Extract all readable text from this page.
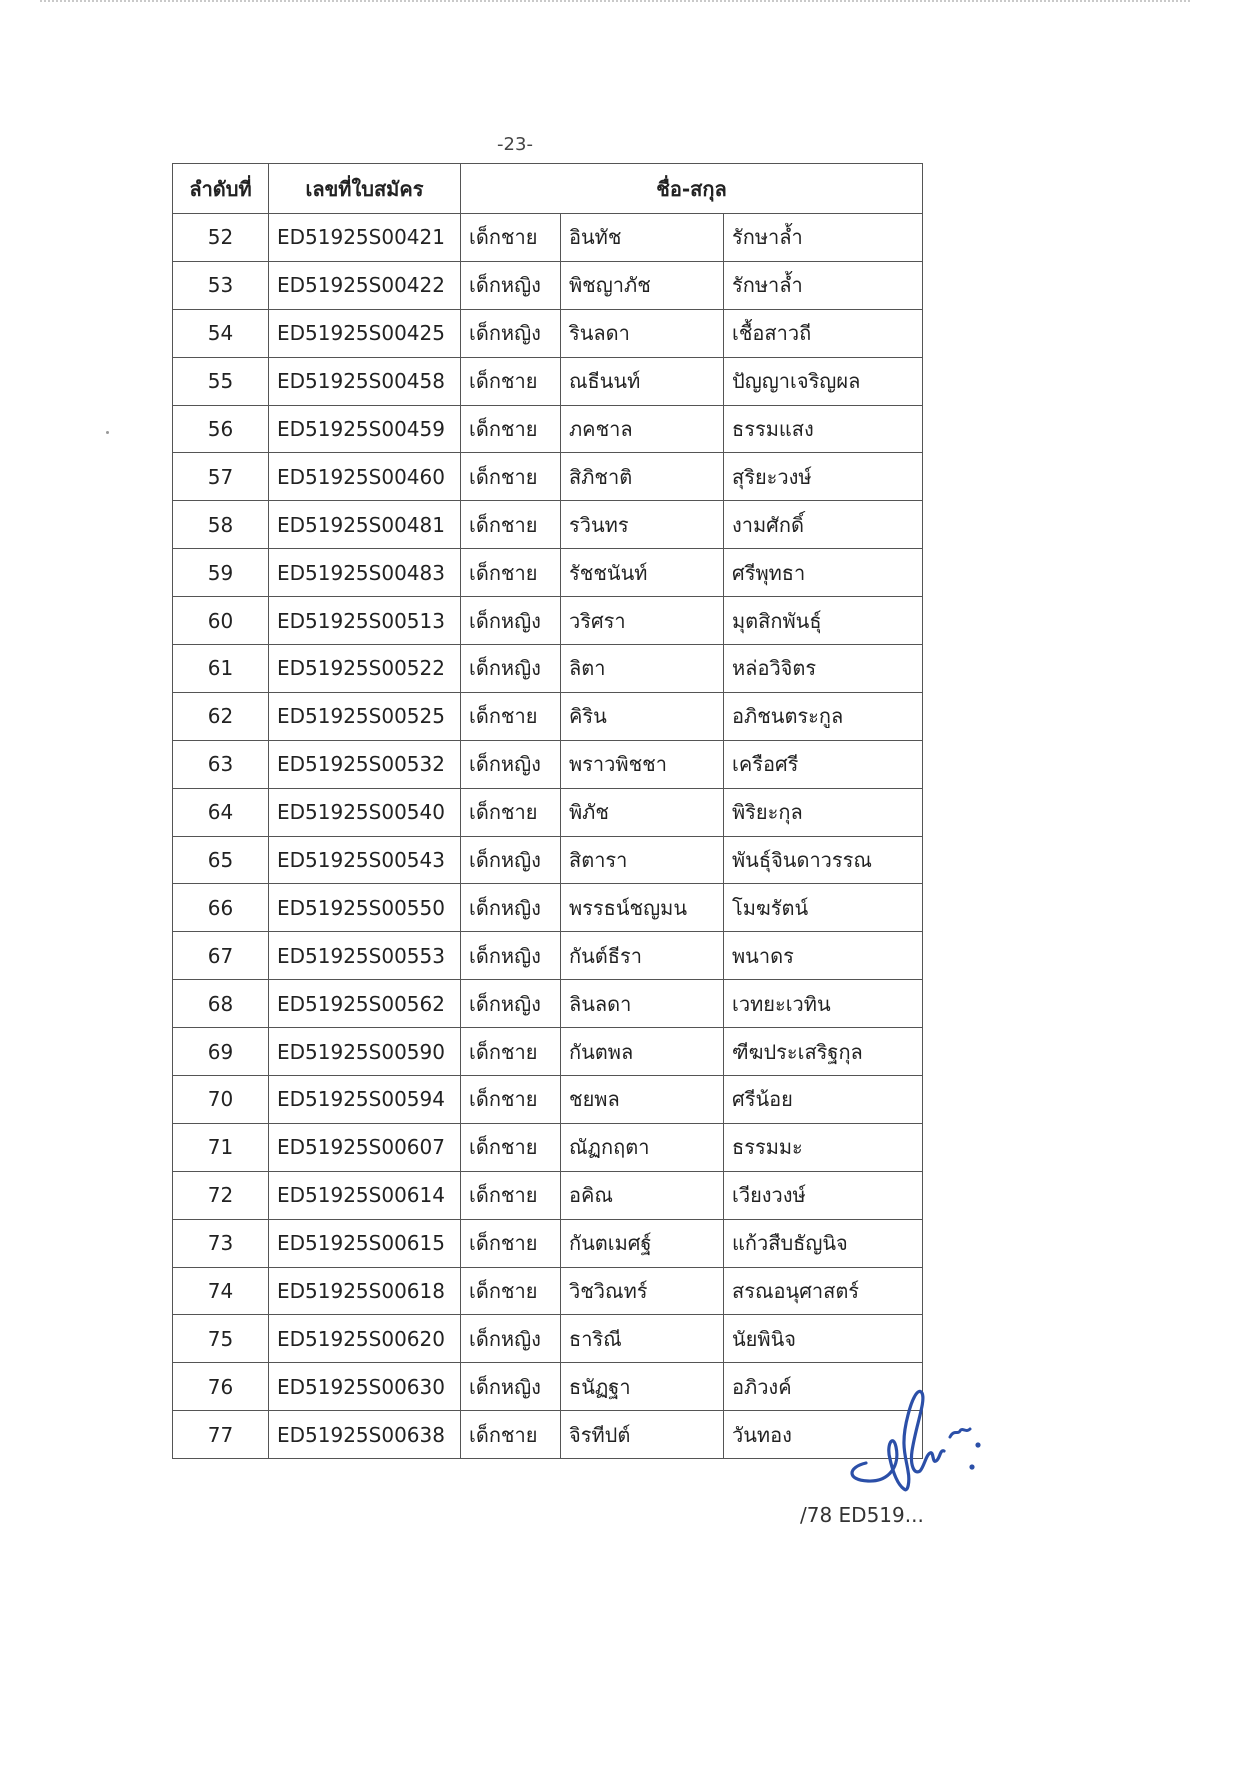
-23-
ลำดับที่	เลขที่ใบสมัคร	ชื่อ-สกุล		
52	ED51925S00421	เด็กชาย	อินทัช	รักษาล้ำ
53	ED51925S00422	เด็กหญิง	พิชญาภัช	รักษาล้ำ
54	ED51925S00425	เด็กหญิง	รินลดา	เชื้อสาวถี
55	ED51925S00458	เด็กชาย	ณธีนนท์	ปัญญาเจริญผล
56	ED51925S00459	เด็กชาย	ภคชาล	ธรรมแสง
57	ED51925S00460	เด็กชาย	สิภิชาติ	สุริยะวงษ์
58	ED51925S00481	เด็กชาย	รวินทร	งามศักดิ์
59	ED51925S00483	เด็กชาย	รัชชนันท์	ศรีพุทธา
60	ED51925S00513	เด็กหญิง	วริศรา	มุตสิกพันธุ์
61	ED51925S00522	เด็กหญิง	ลิตา	หล่อวิจิตร
62	ED51925S00525	เด็กชาย	คิริน	อภิชนตระกูล
63	ED51925S00532	เด็กหญิง	พราวพิชชา	เครือศรี
64	ED51925S00540	เด็กชาย	พิภัช	พิริยะกุล
65	ED51925S00543	เด็กหญิง	สิตารา	พันธุ์จินดาวรรณ
66	ED51925S00550	เด็กหญิง	พรรธน์ชญมน	โมฆรัตน์
67	ED51925S00553	เด็กหญิง	กันต์ธีรา	พนาดร
68	ED51925S00562	เด็กหญิง	ลินลดา	เวทยะเวทิน
69	ED51925S00590	เด็กชาย	กันตพล	ฑีฆประเสริฐกุล
70	ED51925S00594	เด็กชาย	ชยพล	ศรีน้อย
71	ED51925S00607	เด็กชาย	ณัฏกฤตา	ธรรมมะ
72	ED51925S00614	เด็กชาย	อคิณ	เวียงวงษ์
73	ED51925S00615	เด็กชาย	กันตเมศฐ์	แก้วสืบธัญนิจ
74	ED51925S00618	เด็กชาย	วิชวิณทร์	สรณอนุศาสตร์
75	ED51925S00620	เด็กหญิง	ธาริณี	นัยพินิจ
76	ED51925S00630	เด็กหญิง	ธนัฏฐา	อภิวงค์
77	ED51925S00638	เด็กชาย	จิรทีปต์	วันทอง
/78 ED519...
